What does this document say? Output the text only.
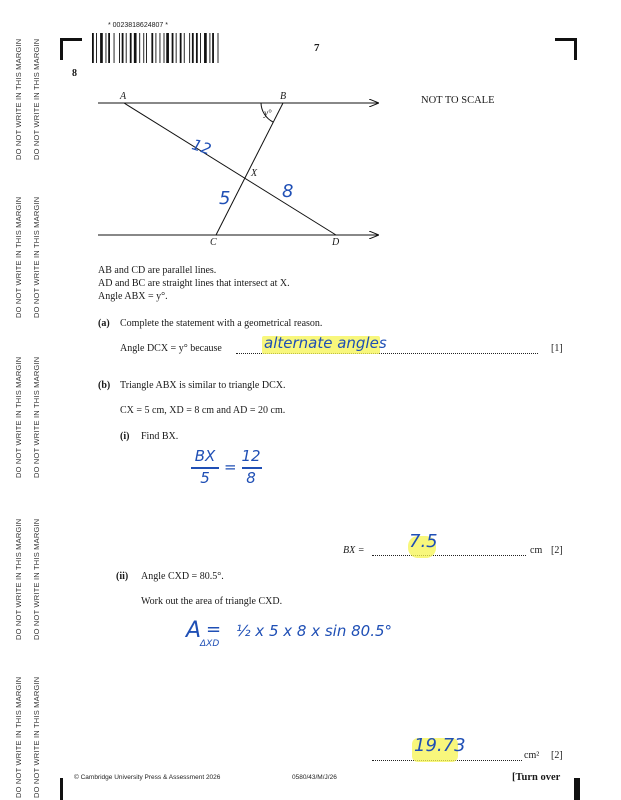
DO NOT WRITE IN THIS MARGIN DO NOT WRITE IN THIS MARGIN
DO NOT WRITE IN THIS MARGIN DO NOT WRITE IN THIS MARGIN
DO NOT WRITE IN THIS MARGIN DO NOT WRITE IN THIS MARGIN
DO NOT WRITE IN THIS MARGIN DO NOT WRITE IN THIS MARGIN
DO NOT WRITE IN THIS MARGIN DO NOT WRITE IN THIS MARGIN
* 0023818624807 *
7
8
A	B
C	D
X
y°
NOT TO SCALE
12
5	8
AB and CD are parallel lines.
AD and BC are straight lines that intersect at X.
Angle ABX = y°.
(a) Complete the statement with a geometrical reason.
Angle DCX = y° because	alternate angles	[1]
(b) Triangle ABX is similar to triangle DCX.
CX = 5 cm, XD = 8 cm and AD = 20 cm.
(i) Find BX.
BX
5
=
12
8
BX = 7.5	cm [2]
(ii) Angle CXD = 80.5°.
Work out the area of triangle CXD.
A
ΔXD
= ½ x 5 x 8 x sin 80.5°
19.73	cm² [2]
© Cambridge University Press & Assessment 2026	0580/43/M/J/26	[Turn over
